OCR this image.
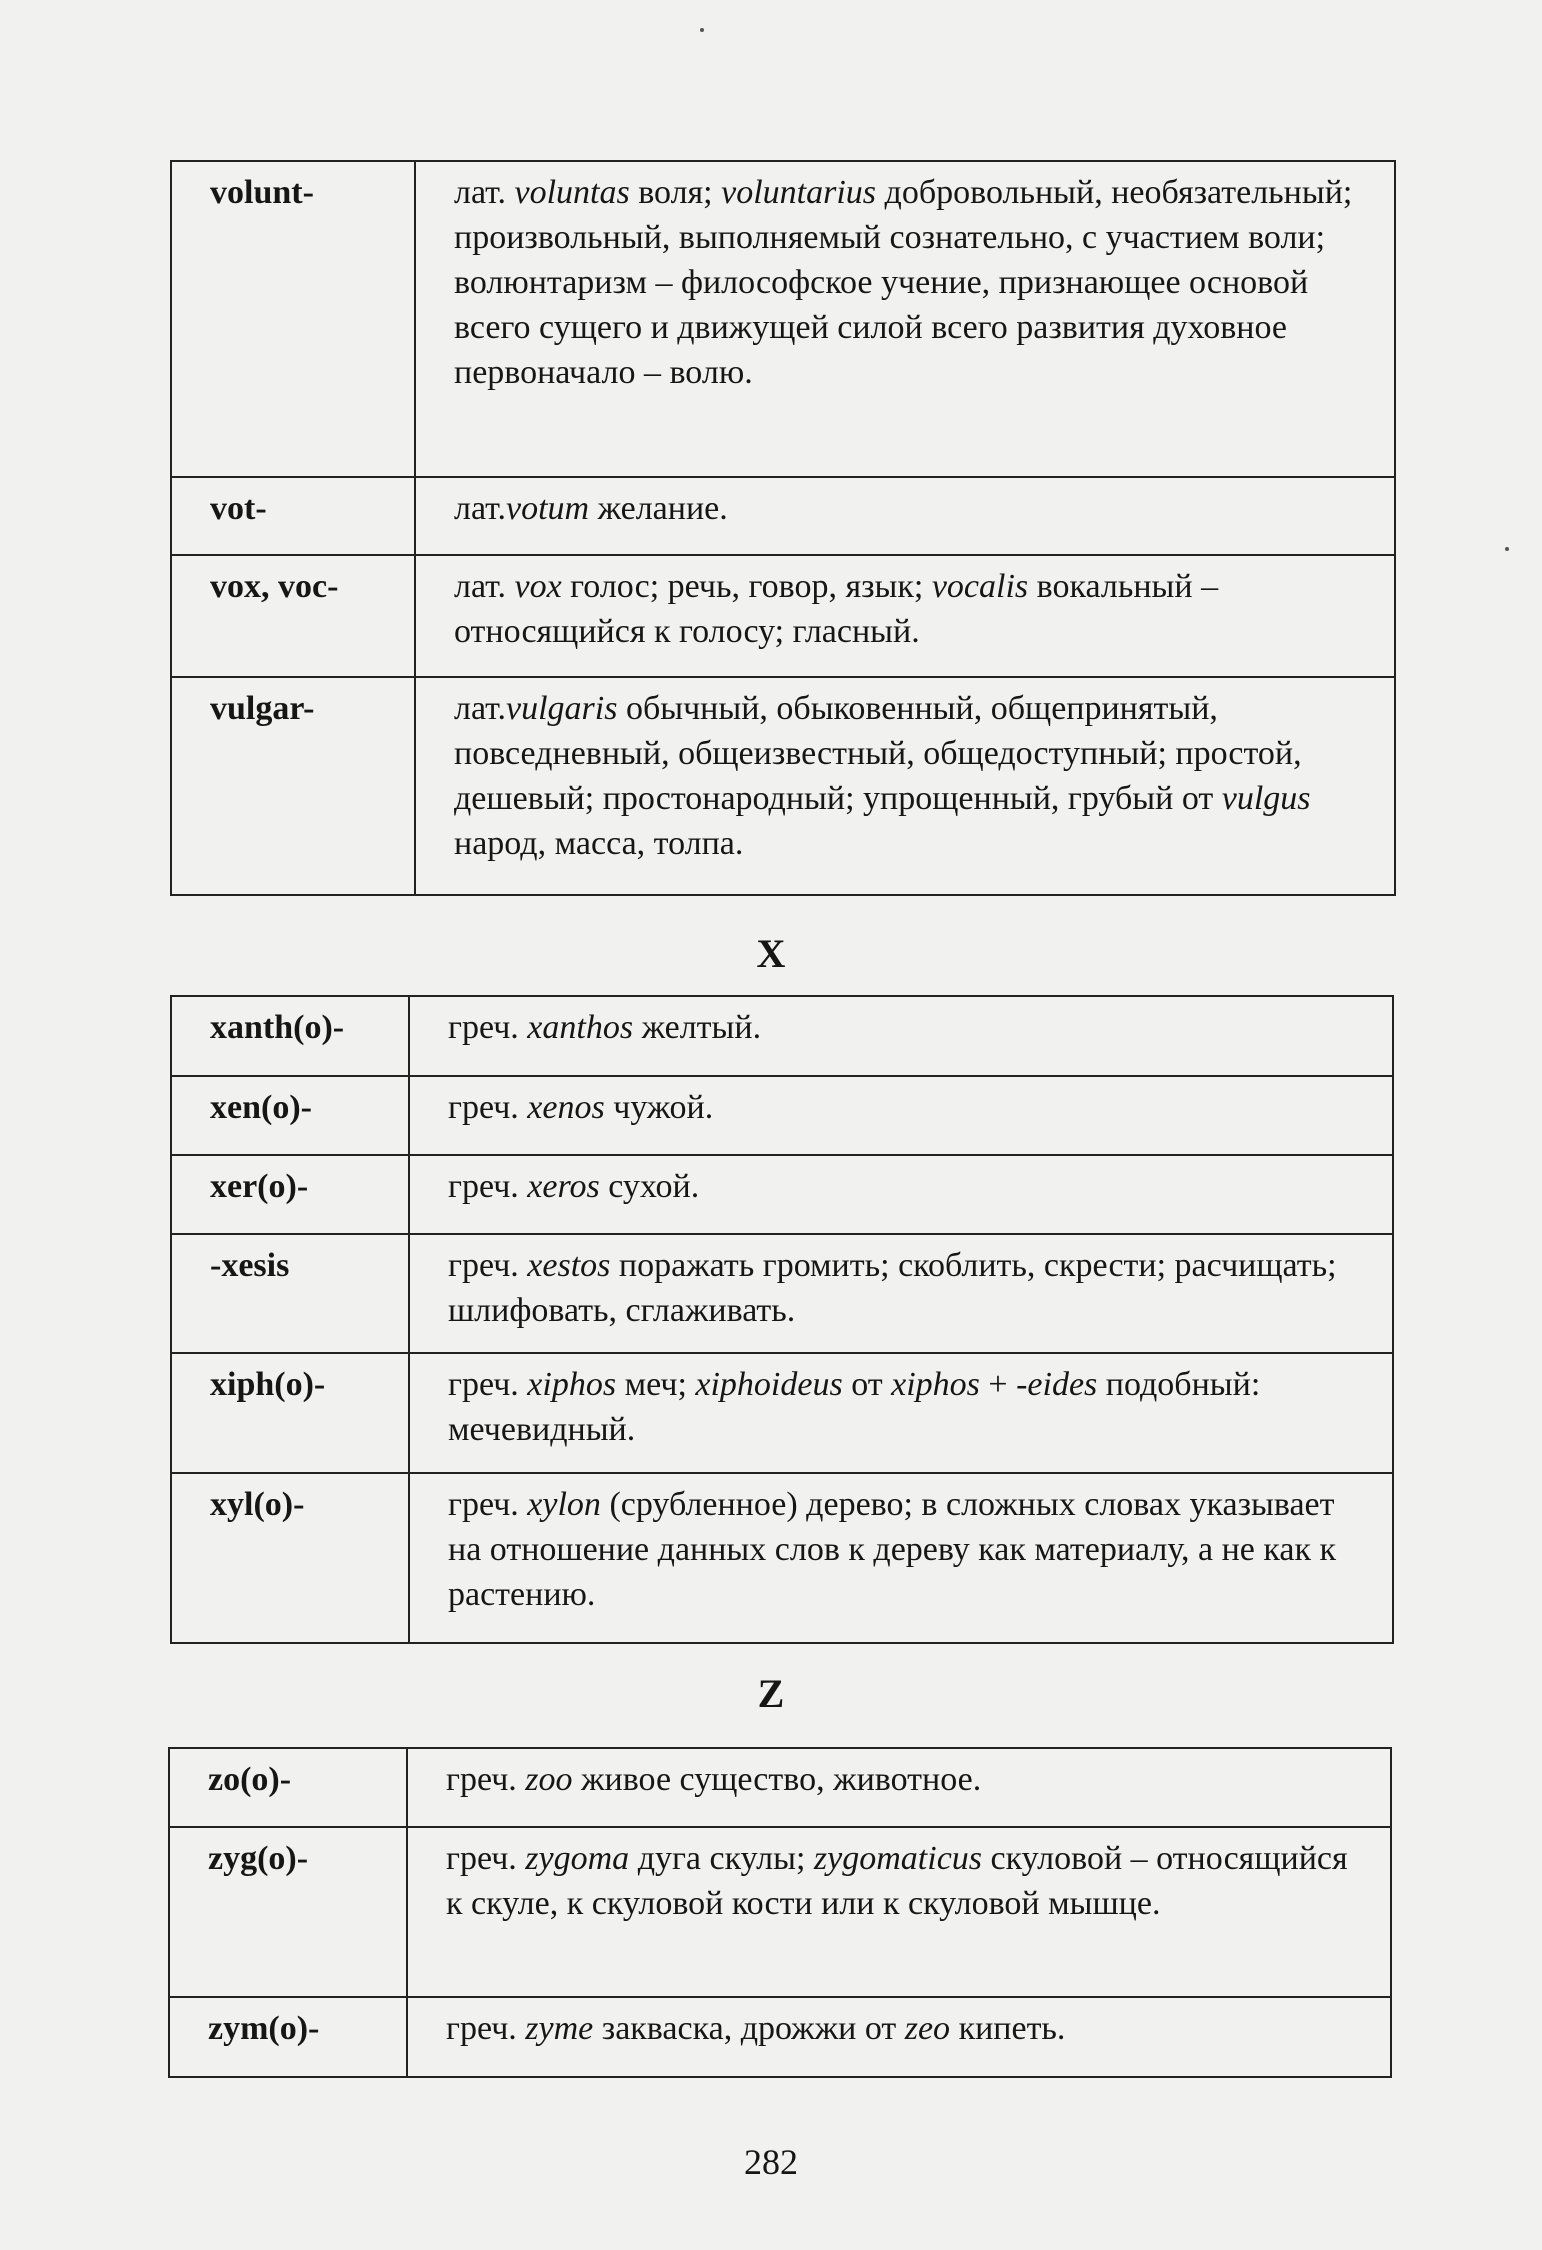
volunt-	лат. voluntas воля; voluntarius добровольный, необязательный; произвольный, выполняемый сознательно, с участием воли; волюнтаризм – философское учение, признающее основой всего сущего и движущей силой всего развития духовное первоначало – волю.
vot-	лат.votum желание.
vox, voc-	лат. vox голос; речь, говор, язык; vocalis вокальный – относящийся к голосу; гласный.
vulgar-	лат.vulgaris обычный, обыковенный, общепринятый, повседневный, общеизвестный, общедоступный; простой, дешевый; простонародный; упрощенный, грубый от vulgus народ, масса, толпа.
X
xanth(o)-	греч. xanthos желтый.
xen(o)-	греч. xenos чужой.
xer(o)-	греч. xeros сухой.
-xesis	греч. xestos поражать громить; скоблить, скрести; расчищать; шлифовать, сглаживать.
xiph(o)-	греч. xiphos меч; xiphoideus от xiphos + -eides подобный: мечевидный.
xyl(o)-	греч. xylon (срубленное) дерево; в сложных словах указывает на отношение данных слов к дереву как материалу, а не как к растению.
Z
zo(o)-	греч. zoo живое существо, животное.
zyg(o)-	греч. zygoma дуга скулы; zygomaticus скуловой – относящийся к скуле, к скуловой кости или к скуловой мышце.
zym(o)-	греч. zyme закваска, дрожжи от zeo кипеть.
282
